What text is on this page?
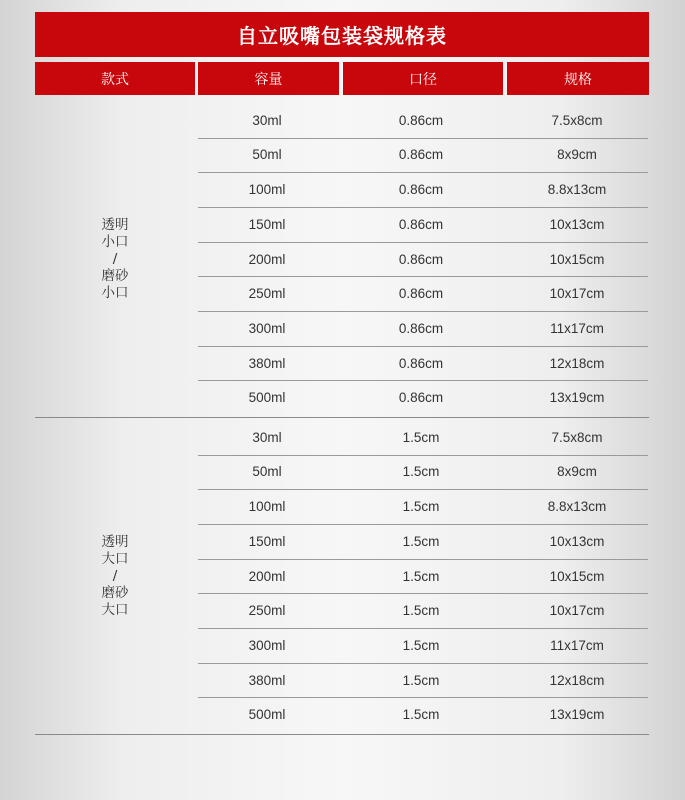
自立吸嘴包装袋规格表
款式	容量	口径	规格
透明
小口
/
磨砂
小口
30ml	0.86cm	7.5x8cm
50ml	0.86cm	8x9cm
100ml	0.86cm	8.8x13cm
150ml	0.86cm	10x13cm
200ml	0.86cm	10x15cm
250ml	0.86cm	10x17cm
300ml	0.86cm	11x17cm
380ml	0.86cm	12x18cm
500ml	0.86cm	13x19cm
透明
大口
/
磨砂
大口
30ml	1.5cm	7.5x8cm
50ml	1.5cm	8x9cm
100ml	1.5cm	8.8x13cm
150ml	1.5cm	10x13cm
200ml	1.5cm	10x15cm
250ml	1.5cm	10x17cm
300ml	1.5cm	11x17cm
380ml	1.5cm	12x18cm
500ml	1.5cm	13x19cm
